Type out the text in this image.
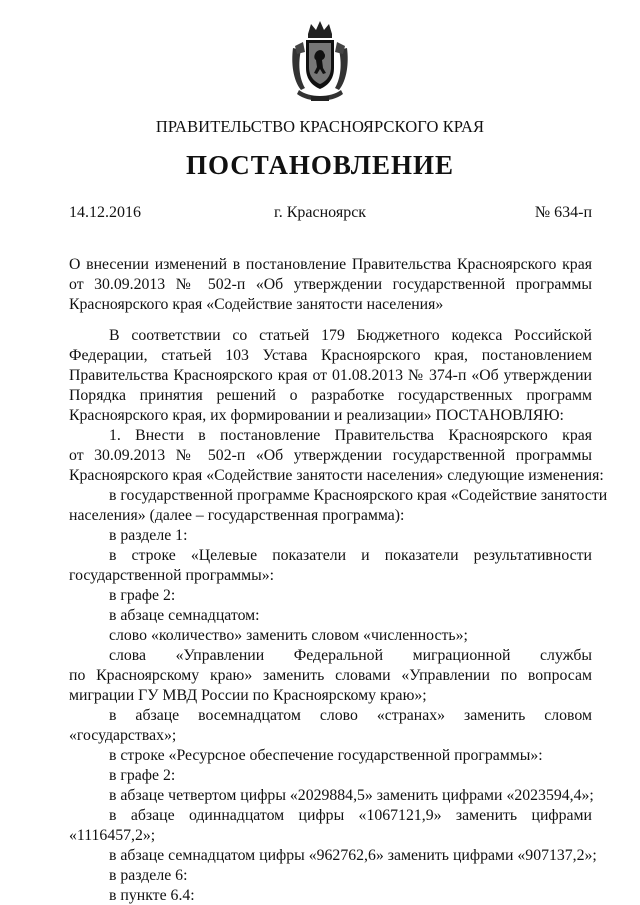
ПРАВИТЕЛЬСТВО КРАСНОЯРСКОГО КРАЯ
ПОСТАНОВЛЕНИЕ
14.12.2016	г. Красноярск	№ 634-п
О внесении изменений в постановление Правительства Красноярского края
от 30.09.2013 № 502-п «Об утверждении государственной программы
Красноярского края «Содействие занятости населения»
В соответствии со статьей 179 Бюджетного кодекса Российской
Федерации, статьей 103 Устава Красноярского края, постановлением
Правительства Красноярского края от 01.08.2013 № 374-п «Об утверждении
Порядка принятия решений о разработке государственных программ
Красноярского края, их формировании и реализации» ПОСТАНОВЛЯЮ:
1. Внести в постановление Правительства Красноярского края
от 30.09.2013 № 502-п «Об утверждении государственной программы
Красноярского края «Содействие занятости населения» следующие изменения:
в государственной программе Красноярского края «Содействие занятости
населения» (далее – государственная программа):
в разделе 1:
в строке «Целевые показатели и показатели результативности
государственной программы»:
в графе 2:
в абзаце семнадцатом:
слово «количество» заменить словом «численность»;
слова «Управлении Федеральной миграционной службы
по Красноярскому краю» заменить словами «Управлении по вопросам
миграции ГУ МВД России по Красноярскому краю»;
в абзаце восемнадцатом слово «странах» заменить словом
«государствах»;
в строке «Ресурсное обеспечение государственной программы»:
в графе 2:
в абзаце четвертом цифры «2029884,5» заменить цифрами «2023594,4»;
в абзаце одиннадцатом цифры «1067121,9» заменить цифрами
«1116457,2»;
в абзаце семнадцатом цифры «962762,6» заменить цифрами «907137,2»;
в разделе 6:
в пункте 6.4:
